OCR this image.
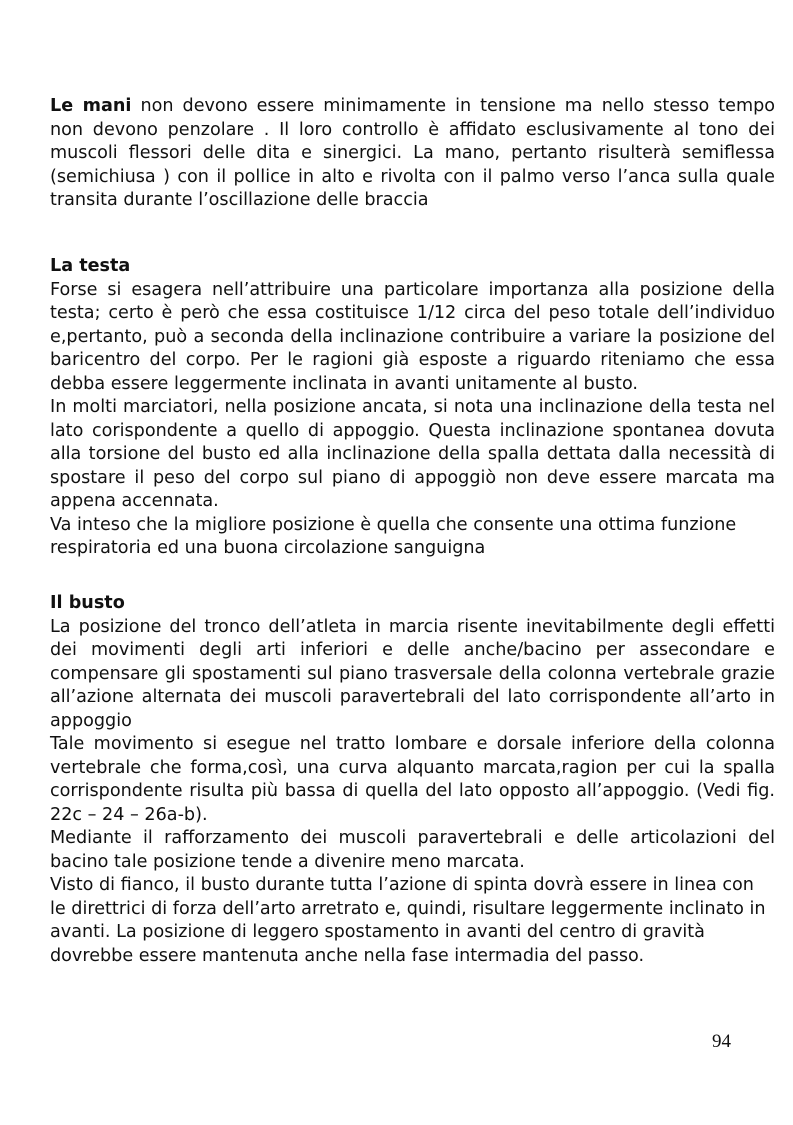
Le mani non devono essere minimamente in tensione ma nello stesso tempo non devono penzolare . Il loro controllo è affidato esclusivamente al tono dei muscoli flessori delle dita e sinergici. La mano, pertanto risulterà semiflessa (semichiusa ) con il pollice in alto e rivolta con il palmo verso l’anca sulla quale transita durante l’oscillazione delle braccia

La testa

Forse si esagera nell’attribuire una particolare importanza alla posizione della testa; certo è però che essa costituisce 1/12 circa del peso totale dell’individuo e,pertanto, può a seconda della inclinazione contribuire a variare la posizione del baricentro del corpo. Per le ragioni già esposte a riguardo riteniamo che essa debba essere leggermente inclinata in avanti unitamente al busto.

In molti marciatori, nella posizione ancata, si nota una inclinazione della testa nel lato corispondente a quello di appoggio. Questa inclinazione spontanea dovuta alla torsione del busto ed alla inclinazione della spalla dettata dalla necessità di spostare il peso del corpo sul piano di appoggiò non deve essere marcata ma appena accennata.

Va inteso che la migliore posizione è quella che consente una ottima funzione respiratoria ed una buona circolazione sanguigna

Il busto

La posizione del tronco dell’atleta in marcia risente inevitabilmente degli effetti dei movimenti degli arti inferiori e delle anche/bacino per assecondare e compensare gli spostamenti sul piano trasversale della colonna vertebrale grazie all’azione alternata dei muscoli paravertebrali del lato corrispondente all’arto in appoggio

Tale movimento si esegue nel tratto lombare e dorsale inferiore della colonna vertebrale che forma,così, una curva alquanto marcata,ragion per cui la spalla corrispondente risulta più bassa di quella del lato opposto all’appoggio. (Vedi fig. 22c – 24 – 26a-b).

Mediante il rafforzamento dei muscoli paravertebrali e delle articolazioni del bacino tale posizione tende a divenire meno marcata.

Visto di fianco, il busto durante tutta l’azione di spinta dovrà essere in linea con le direttrici di forza dell’arto arretrato e, quindi, risultare leggermente inclinato in avanti. La posizione di leggero spostamento in avanti del centro di gravità dovrebbe essere mantenuta anche nella fase intermadia del passo.

94
